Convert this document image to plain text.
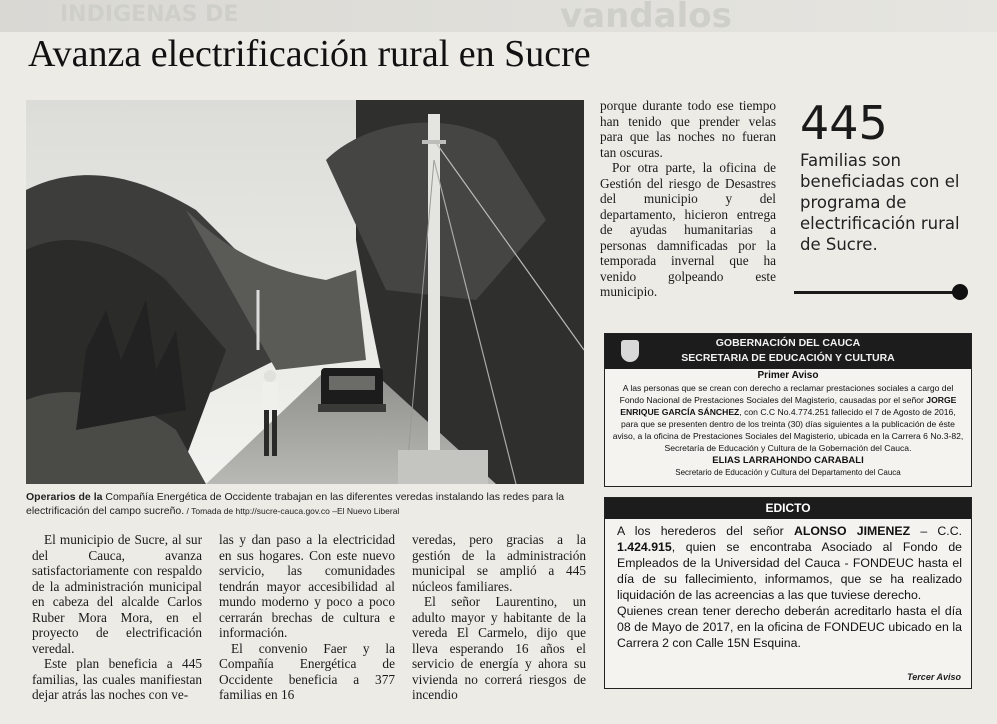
INDIGENAS DE	vandalos
Avanza electrificación rural en Sucre
Operarios de la Compañía Energética de Occidente trabajan en las diferentes veredas instalando las redes para la electrificación del campo sucreño. / Tomada de http://sucre-cauca.gov.co –El Nuevo Liberal

El municipio de Sucre, al sur del Cauca, avanza satisfactoriamente con respaldo de la administración municipal en cabeza del alcalde Carlos Ruber Mora Mora, en el proyecto de electrificación veredal.

Este plan beneficia a 445 familias, las cuales manifiestan dejar atrás las noches con ve-

las y dan paso a la electricidad en sus hogares. Con este nuevo servicio, las comunidades tendrán mayor accesibilidad al mundo moderno y poco a poco cerrarán brechas de cultura e información.

El convenio Faer y la Compañía Energética de Occidente beneficia a 377 familias en 16

veredas, pero gracias a la gestión de la administración municipal se amplió a 445 núcleos familiares.

El señor Laurentino, un adulto mayor y habitante de la vereda El Carmelo, dijo que lleva esperando 16 años el servicio de energía y ahora su vivienda no correrá riesgos de incendio

porque durante todo ese tiempo han tenido que prender velas para que las noches no fueran tan oscuras.

Por otra parte, la oficina de Gestión del riesgo de Desastres del municipio y del departamento, hicieron entrega de ayudas humanitarias a personas damnificadas por la temporada invernal que ha venido golpeando este municipio.

445
Familias son beneficiadas con el programa de electrificación rural de Sucre.
GOBERNACIÓN DEL CAUCA
SECRETARIA DE EDUCACIÓN Y CULTURA
Primer Aviso
A las personas que se crean con derecho a reclamar prestaciones sociales a cargo del Fondo Nacional de Prestaciones Sociales del Magisterio, causadas por el señor JORGE ENRIQUE GARCÍA SÁNCHEZ, con C.C No.4.774.251 fallecido el 7 de Agosto de 2016, para que se presenten dentro de los treinta (30) días siguientes a la publicación de éste aviso, a la oficina de Prestaciones Sociales del Magisterio, ubicada en la Carrera 6 No.3-82, Secretaría de Educación y Cultura de la Gobernación del Cauca.
ELIAS LARRAHONDO CARABALI
Secretario de Educación y Cultura del Departamento del Cauca
EDICTO
A los herederos del señor ALONSO JIMENEZ – C.C. 1.424.915, quien se encontraba Asociado al Fondo de Empleados de la Universidad del Cauca - FONDEUC hasta el día de su fallecimiento, informamos, que se ha realizado liquidación de las acreencias a las que tuviese derecho.
Quienes crean tener derecho deberán acreditarlo hasta el día 08 de Mayo de 2017, en la oficina de FONDEUC ubicado en la Carrera 2 con Calle 15N Esquina.
Tercer Aviso
